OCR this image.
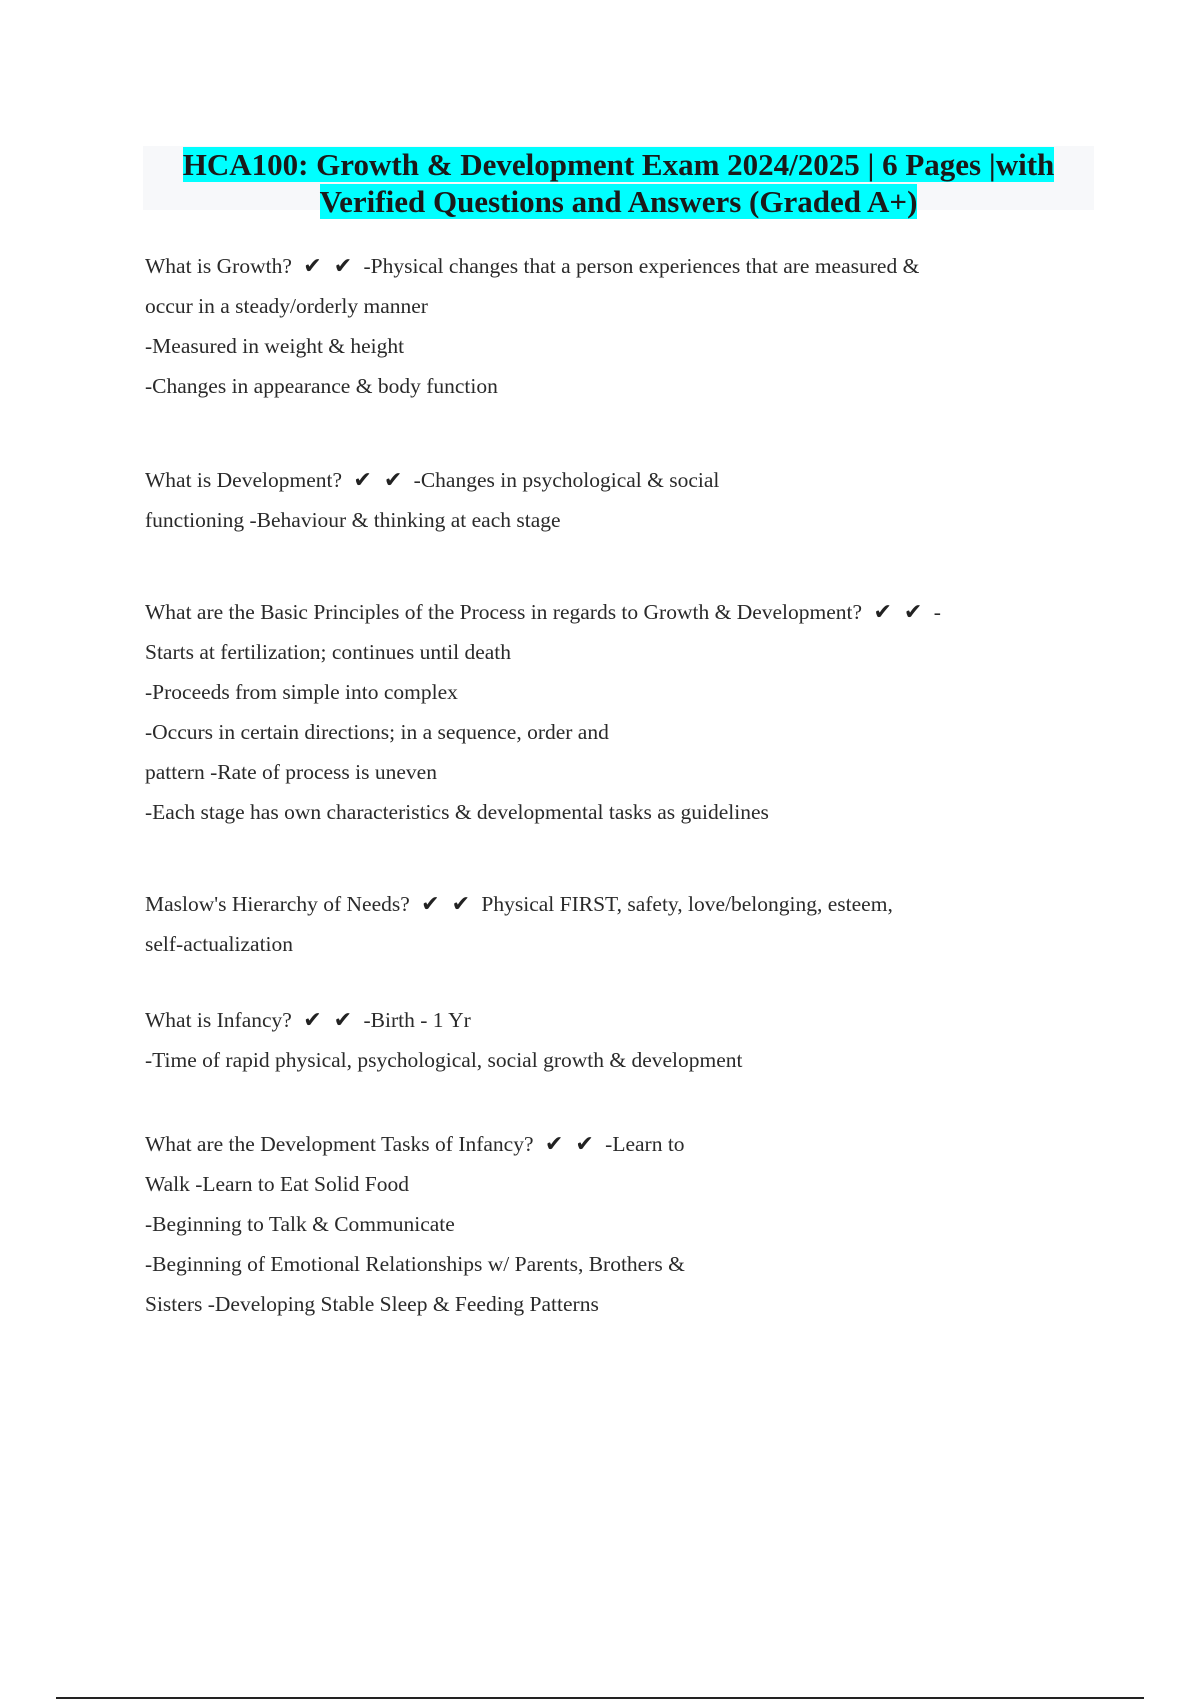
HCA100: Growth & Development Exam 2024/2025 | 6 Pages |with
Verified Questions and Answers (Graded A+)
What is Growth? ✔ ✔ -Physical changes that a person experiences that are measured &
occur in a steady/orderly manner
-Measured in weight & height
-Changes in appearance & body function
What is Development? ✔ ✔ -Changes in psychological & social
functioning -Behaviour & thinking at each stage
What are the Basic Principles of the Process in regards to Growth & Development? ✔ ✔ -
Starts at fertilization; continues until death
-Proceeds from simple into complex
-Occurs in certain directions; in a sequence, order and
pattern -Rate of process is uneven
-Each stage has own characteristics & developmental tasks as guidelines
Maslow's Hierarchy of Needs? ✔ ✔ Physical FIRST, safety, love/belonging, esteem,
self-actualization
What is Infancy? ✔ ✔ -Birth - 1 Yr
-Time of rapid physical, psychological, social growth & development
What are the Development Tasks of Infancy? ✔ ✔ -Learn to
Walk -Learn to Eat Solid Food
-Beginning to Talk & Communicate
-Beginning of Emotional Relationships w/ Parents, Brothers &
Sisters -Developing Stable Sleep & Feeding Patterns
